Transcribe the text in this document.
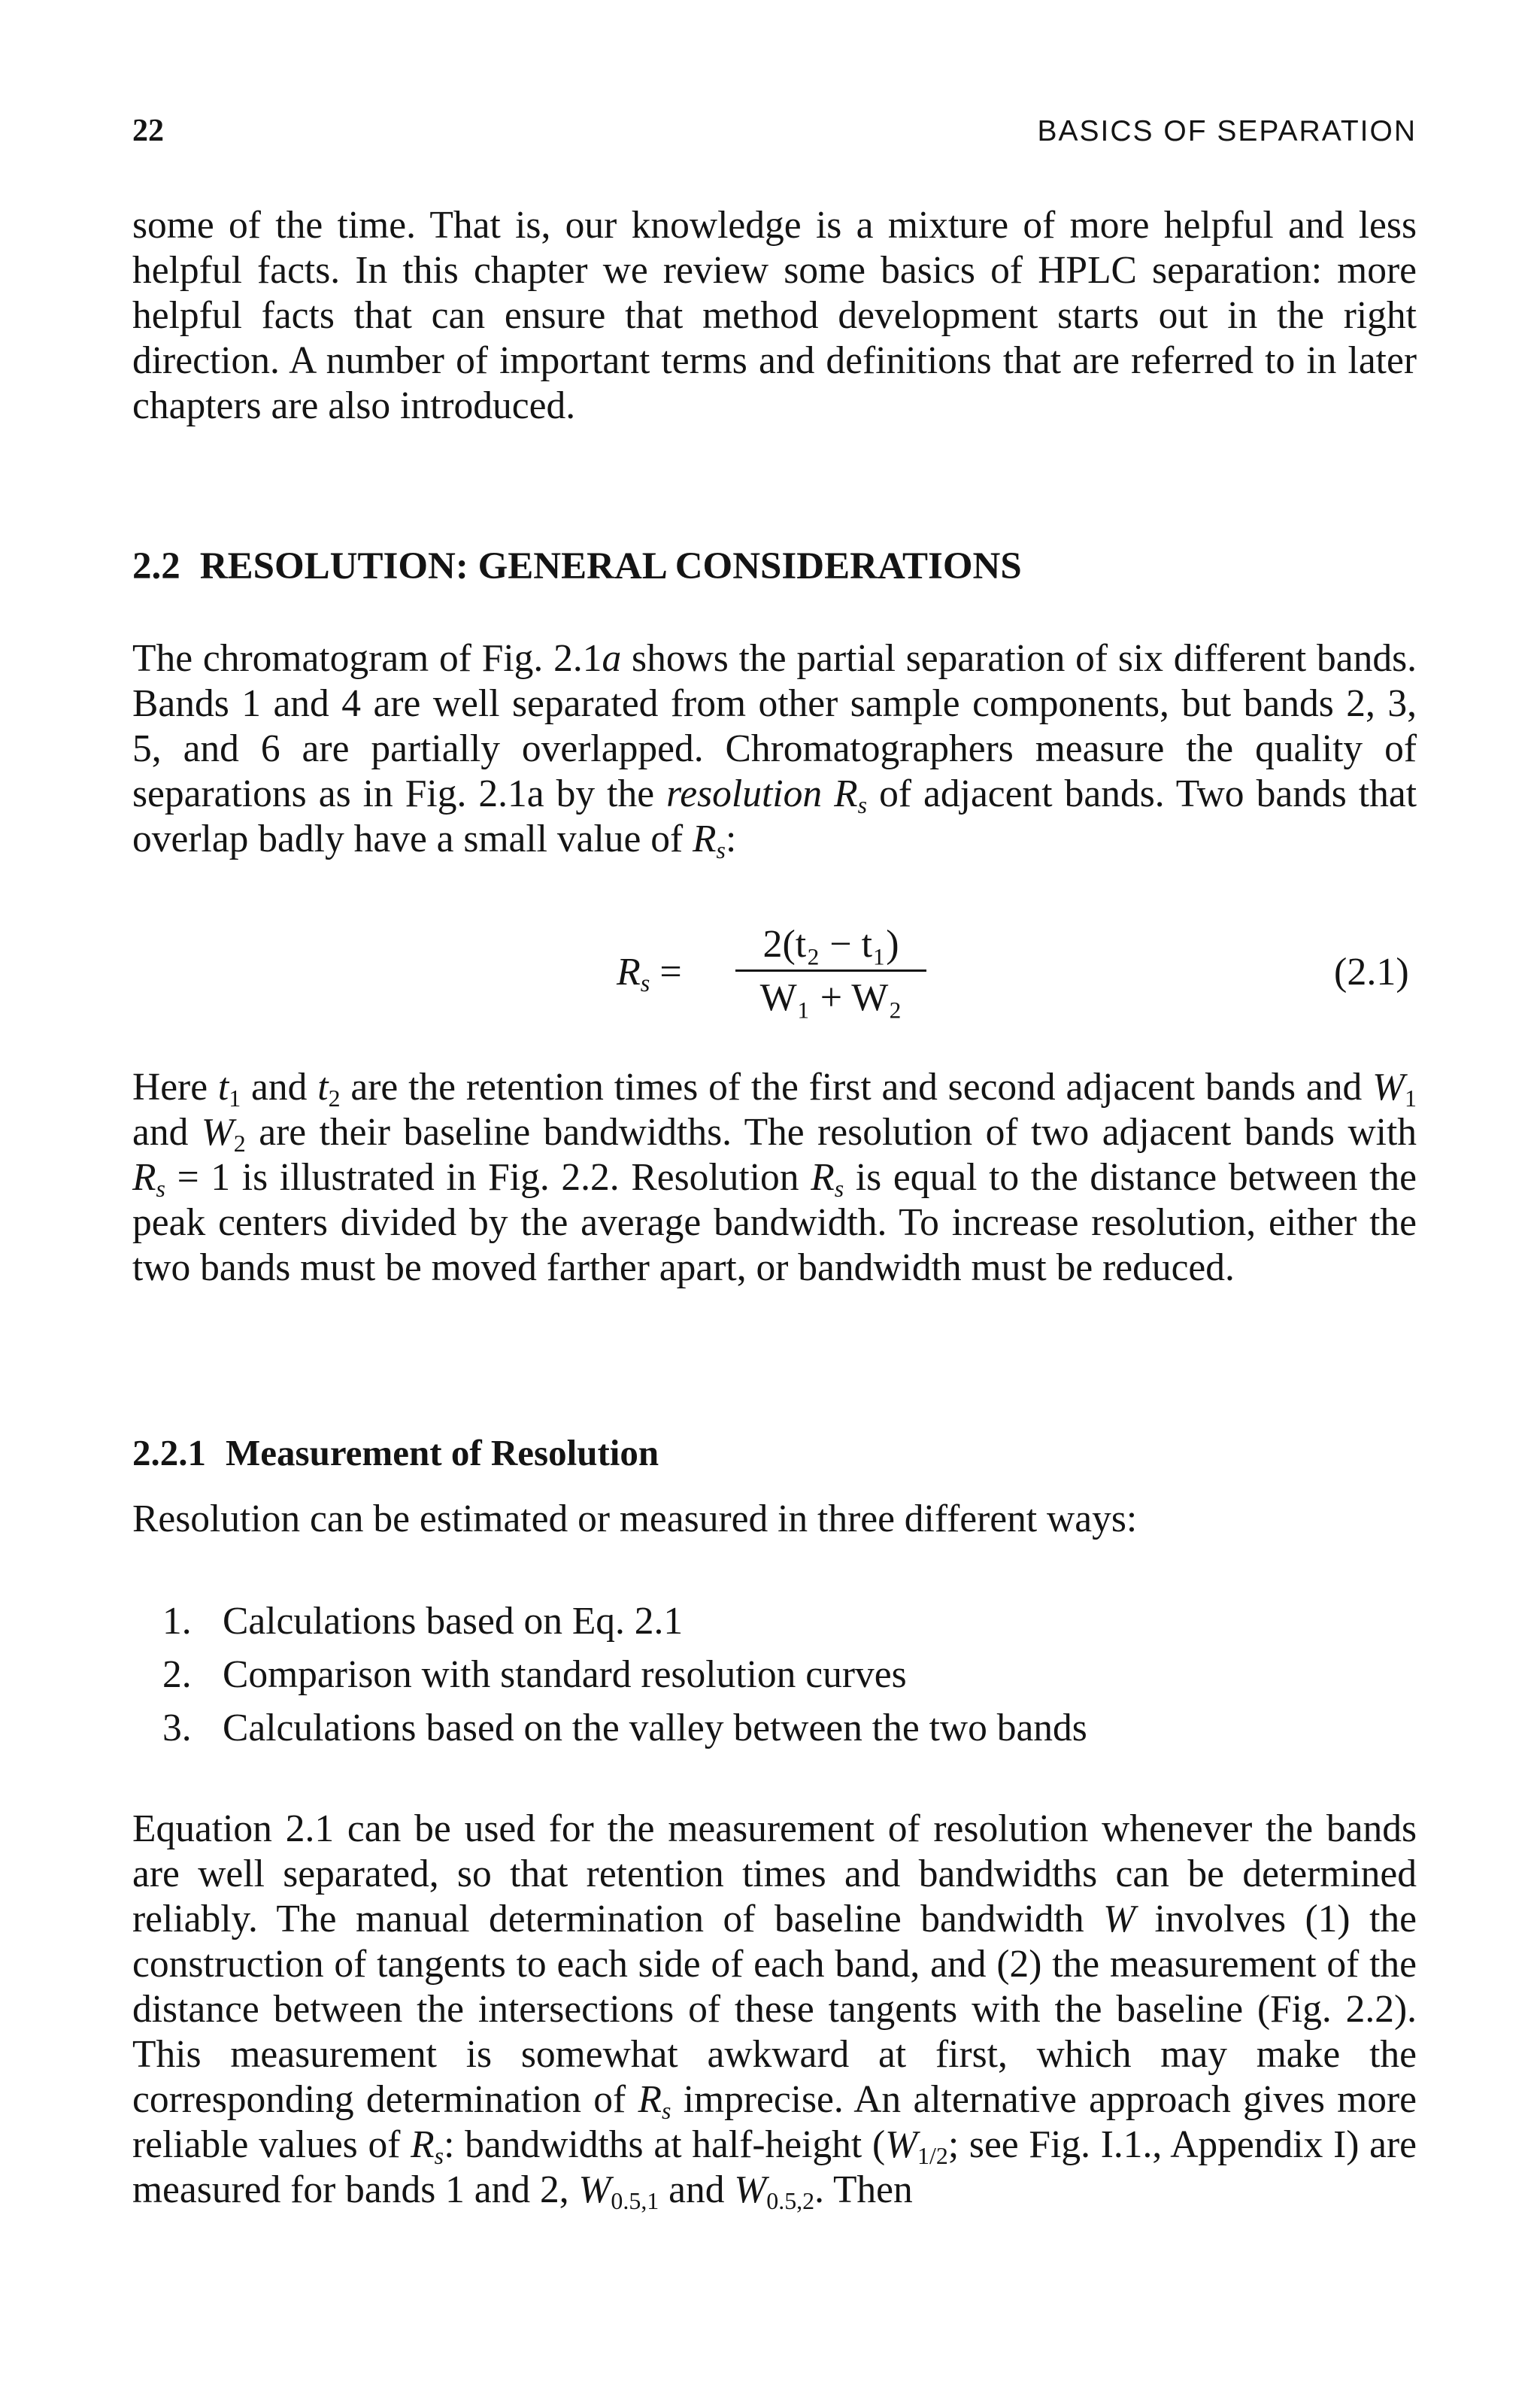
22	BASICS OF SEPARATION

some of the time. That is, our knowledge is a mixture of more helpful and less helpful facts. In this chapter we review some basics of HPLC separation: more helpful facts that can ensure that method development starts out in the right direction. A number of important terms and definitions that are referred to in later chapters are also introduced.

2.2 RESOLUTION: GENERAL CONSIDERATIONS

The chromatogram of Fig. 2.1a shows the partial separation of six different bands. Bands 1 and 4 are well separated from other sample components, but bands 2, 3, 5, and 6 are partially overlapped. Chromatographers measure the quality of separations as in Fig. 2.1a by the resolution $R_s$ of adjacent bands. Two bands that overlap badly have a small value of $R_s$:

$R_s$ =
2(t₂ − t₁)
W₁ + W₂
(2.1)

Here $t_1$ and $t_2$ are the retention times of the first and second adjacent bands and $W_1$ and $W_2$ are their baseline bandwidths. The resolution of two adjacent bands with $R_s = 1$ is illustrated in Fig. 2.2. Resolution $R_s$ is equal to the distance between the peak centers divided by the average bandwidth. To increase resolution, either the two bands must be moved farther apart, or bandwidth must be reduced.

2.2.1 Measurement of Resolution

Resolution can be estimated or measured in three different ways:

1. Calculations based on Eq. 2.1
2. Comparison with standard resolution curves
3. Calculations based on the valley between the two bands

Equation 2.1 can be used for the measurement of resolution whenever the bands are well separated, so that retention times and bandwidths can be determined reliably. The manual determination of baseline bandwidth W involves (1) the construction of tangents to each side of each band, and (2) the measurement of the distance between the intersections of these tangents with the baseline (Fig. 2.2). This measurement is somewhat awkward at first, which may make the corresponding determination of $R_s$ imprecise. An alternative approach gives more reliable values of $R_s$: bandwidths at half-height ($W_{1/2}$; see Fig. I.1., Appendix I) are measured for bands 1 and 2, $W_{0.5,1}$ and $W_{0.5,2}$. Then
